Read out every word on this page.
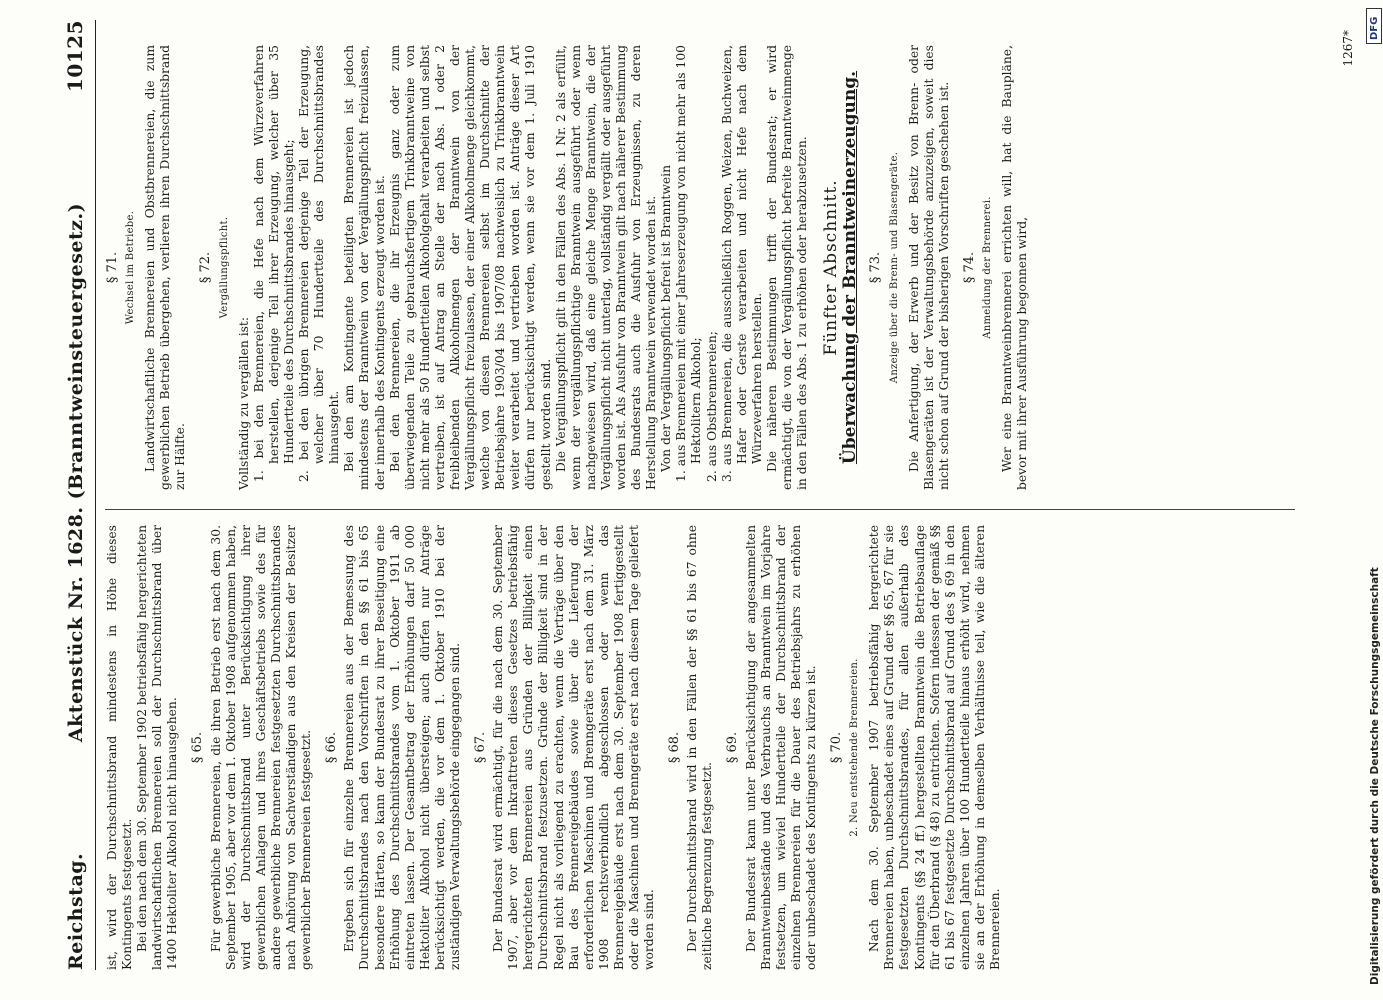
Reichstag.
Aktenstück Nr. 1628. (Branntweinsteuergesetz.)
10125

ist, wird der Durchschnittsbrand mindestens in Höhe dieses Kontingents festgesetzt. Bei den nach dem 30. September 1902 betriebsfähig hergerichteten landwirtschaftlichen Brennereien soll der Durchschnittsbrand über 1400 Hektoliter Alkohol nicht hinausgehen. § 65. Für gewerbliche Brennereien, die ihren Betrieb erst nach dem 30. September 1905, aber vor dem 1. Oktober 1908 aufgenommen haben, wird der Durchschnittsbrand unter Berücksichtigung ihrer gewerblichen Anlagen und ihres Geschäftsbetriebs sowie des für andere gewerbliche Brennereien festgesetzten Durchschnittsbrandes nach Anhörung von Sachverständigen aus den Kreisen der Besitzer gewerblicher Brennereien festgesetzt. § 66. Ergeben sich für einzelne Brennereien aus der Bemessung des Durchschnittsbrandes nach den Vorschriften in den §§ 61 bis 65 besondere Härten, so kann der Bundesrat zu ihrer Beseitigung eine Erhöhung des Durchschnittsbrandes vom 1. Oktober 1911 ab eintreten lassen. Der Gesamtbetrag der Erhöhungen darf 50 000 Hektoliter Alkohol nicht übersteigen; auch dürfen nur Anträge berücksichtigt werden, die vor dem 1. Oktober 1910 bei der zuständigen Verwaltungsbehörde eingegangen sind. § 67. Der Bundesrat wird ermächtigt, für die nach dem 30. September 1907, aber vor dem Inkrafttreten dieses Gesetzes betriebsfähig hergerichteten Brennereien aus Gründen der Billigkeit einen Durchschnittsbrand festzusetzen. Gründe der Billigkeit sind in der Regel nicht als vorliegend zu erachten, wenn die Verträge über den Bau des Brennereigebäudes sowie über die Lieferung der erforderlichen Maschinen und Brenngeräte erst nach dem 31. März 1908 rechtsverbindlich abgeschlossen oder wenn das Brennereigebäude erst nach dem 30. September 1908 fertiggestellt oder die Maschinen und Brenngeräte erst nach diesem Tage geliefert worden sind.

§ 68. Der Durchschnittsbrand wird in den Fällen der §§ 61 bis 67 ohne zeitliche Begrenzung festgesetzt.

§ 69. Der Bundesrat kann unter Berücksichtigung der angesammelten Branntweinbestände und des Verbrauchs an Branntwein im Vorjahre festsetzen, um wieviel Hundertteile der Durchschnittsbrand der einzelnen Brennereien für die Dauer des Betriebsjahrs zu erhöhen oder unbeschadet des Kontingents zu kürzen ist. § 70. 2. Neu entstehende Brennereien. Nach dem 30. September 1907 betriebsfähig hergerichtete Brennereien haben, unbeschadet eines auf Grund der §§ 65, 67 für sie festgesetzten Durchschnittsbrandes, für allen außerhalb des Kontingents (§§ 24 ff.) hergestellten Branntwein die Betriebsauflage für den Überbrand (§ 48) zu entrichten. Sofern indessen der gemäß §§ 61 bis 67 festgesetzte Durchschnittsbrand auf Grund des § 69 in den einzelnen Jahren über 100 Hundertteile hinaus erhöht wird, nehmen sie an der Erhöhung in demselben Verhältnisse teil, wie die älteren Brennereien.

§ 71. Wechsel im Betriebe. Landwirtschaftliche Brennereien und Obstbrennereien, die zum gewerblichen Betrieb übergehen, verlieren ihren Durchschnittsbrand zur Hälfte.

§ 72. Vergällungspflicht.

Vollständig zu vergällen ist: 1. bei den Brennereien, die Hefe nach dem Würzeverfahren herstellen, derjenige Teil ihrer Erzeugung, welcher über 35 Hundertteile des Durchschnittsbrandes hinausgeht; 2. bei den übrigen Brennereien derjenige Teil der Erzeugung, welcher über 70 Hundertteile des Durchschnittsbrandes hinausgeht. Bei den am Kontingente beteiligten Brennereien ist jedoch mindestens der Branntwein von der Vergällungspflicht freizulassen, der innerhalb des Kontingents erzeugt worden ist. Bei den Brennereien, die ihr Erzeugnis ganz oder zum überwiegenden Teile zu gebrauchsfertigem Trinkbranntweine von nicht mehr als 50 Hundertteilen Alkoholgehalt verarbeiten und selbst vertreiben, ist auf Antrag an Stelle der nach Abs. 1 oder 2 freibleibenden Alkoholmengen der Branntwein von der Vergällungspflicht freizulassen, der einer Alkoholmenge gleichkommt, welche von diesen Brennereien selbst im Durchschnitte der Betriebsjahre 1903/04 bis 1907/08 nachweislich zu Trinkbranntwein weiter verarbeitet und vertrieben worden ist. Anträge dieser Art dürfen nur berücksichtigt werden, wenn sie vor dem 1. Juli 1910 gestellt worden sind. Die Vergällungspflicht gilt in den Fällen des Abs. 1 Nr. 2 als erfüllt, wenn der vergällungspflichtige Branntwein ausgeführt oder wenn nachgewiesen wird, daß eine gleiche Menge Branntwein, die der Vergällungspflicht nicht unterlag, vollständig vergällt oder ausgeführt worden ist. Als Ausfuhr von Branntwein gilt nach näherer Bestimmung des Bundesrats auch die Ausfuhr von Erzeugnissen, zu deren Herstellung Branntwein verwendet worden ist. Von der Vergällungspflicht befreit ist Branntwein 1. aus Brennereien mit einer Jahreserzeugung von nicht mehr als 100 Hektolitern Alkohol; 2. aus Obstbrennereien; 3. aus Brennereien, die ausschließlich Roggen, Weizen, Buchweizen, Hafer oder Gerste verarbeiten und nicht Hefe nach dem Würzeverfahren herstellen. Die näheren Bestimmungen trifft der Bundesrat; er wird ermächtigt, die von der Vergällungspflicht befreite Branntweinmenge in den Fällen des Abs. 1 zu erhöhen oder herabzusetzen. Fünfter Abschnitt. Überwachung der Branntweinerzeugung. § 73. Anzeige über die Brenn- und Blasengeräte. Die Anfertigung, der Erwerb und der Besitz von Brenn- oder Blasengeräten ist der Verwaltungsbehörde anzuzeigen, soweit dies nicht schon auf Grund der bisherigen Vorschriften geschehen ist. § 74. Anmeldung der Brennerei. Wer eine Branntweinbrennerei errichten will, hat die Baupläne, bevor mit ihrer Ausführung begonnen wird,

1267*
DFG
Digitalisierung gefördert durch die Deutsche Forschungsgemeinschaft
